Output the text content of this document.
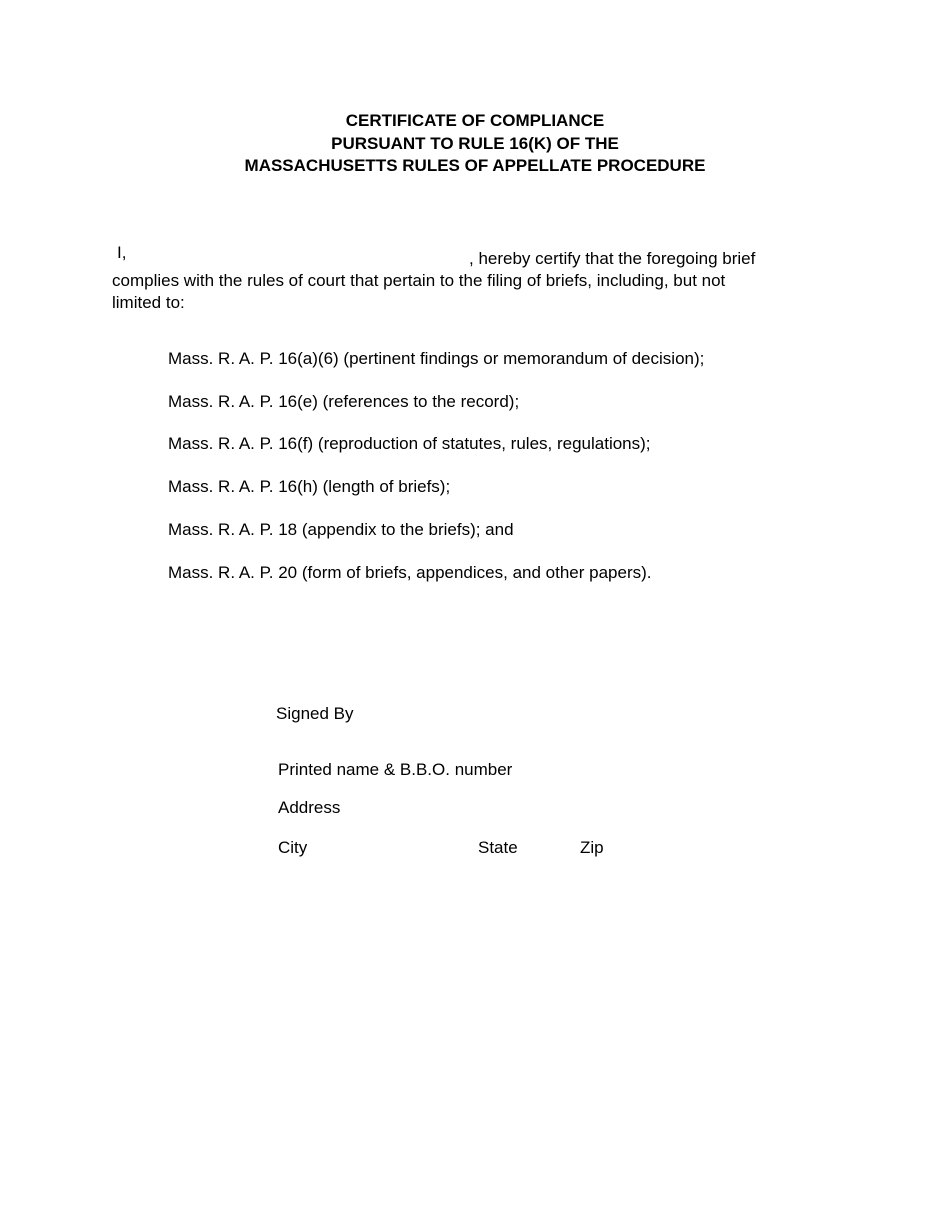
CERTIFICATE OF COMPLIANCE
PURSUANT TO RULE 16(K) OF THE
MASSACHUSETTS RULES OF APPELLATE PROCEDURE
I,	, hereby certify that the foregoing brief
complies with the rules of court that pertain to the filing of briefs, including, but not
limited to:
Mass. R. A. P. 16(a)(6) (pertinent findings or memorandum of decision);
Mass. R. A. P. 16(e) (references to the record);
Mass. R. A. P. 16(f) (reproduction of statutes, rules, regulations);
Mass. R. A. P. 16(h) (length of briefs);
Mass. R. A. P. 18 (appendix to the briefs); and
Mass. R. A. P. 20 (form of briefs, appendices, and other papers).
Signed By
Printed name & B.B.O. number
Address
City	State	Zip
